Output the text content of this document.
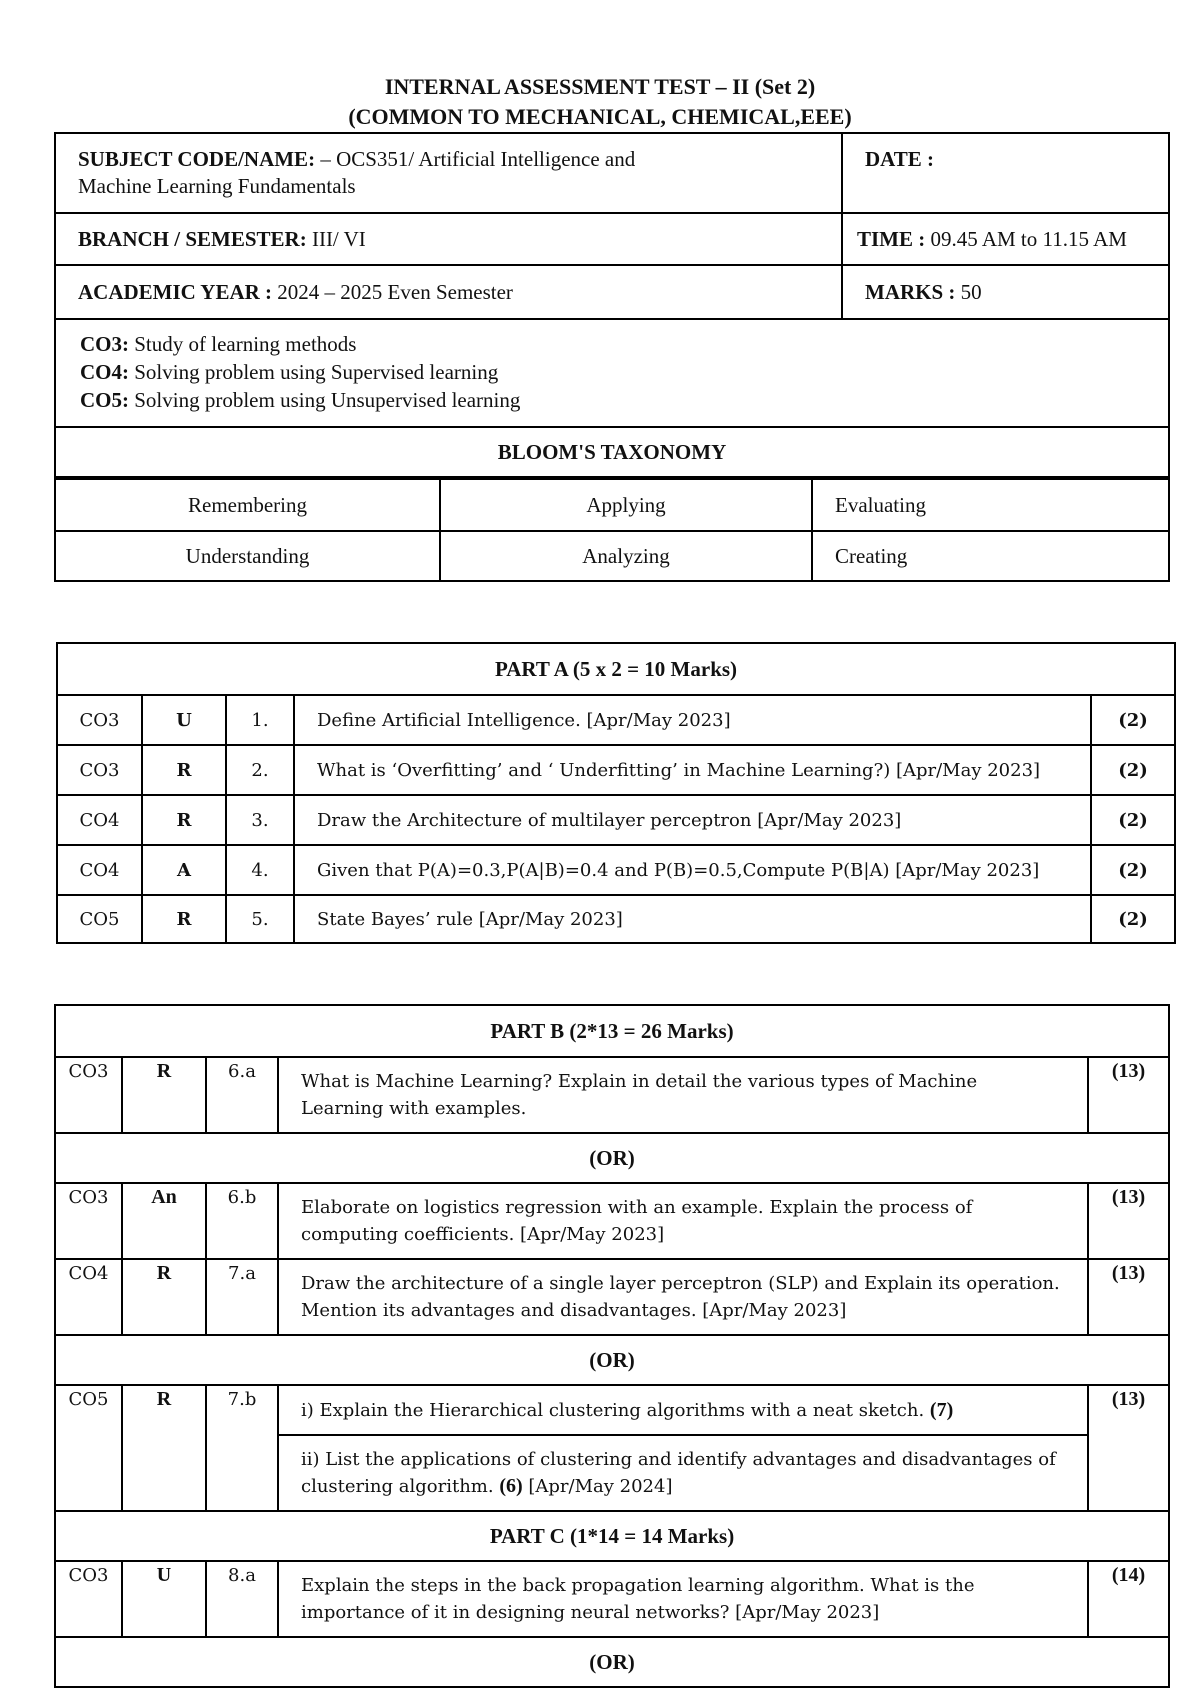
INTERNAL ASSESSMENT TEST – II (Set 2)
(COMMON TO MECHANICAL, CHEMICAL,EEE)
SUBJECT CODE/NAME: – OCS351/ Artificial Intelligence and
Machine Learning Fundamentals	DATE :
BRANCH / SEMESTER: III/ VI	TIME : 09.45 AM to 11.15 AM
ACADEMIC YEAR : 2024 – 2025 Even Semester	MARKS : 50

CO3: Study of learning methods
CO4: Solving problem using Supervised learning
CO5: Solving problem using Unsupervised learning	

BLOOM'S TAXONOMY	
Remembering	Applying	Evaluating
Understanding	Analyzing	Creating
PART A (5 x 2 = 10 Marks)				
CO3	U	1.	Define Artificial Intelligence. [Apr/May 2023]	(2)
CO3	R	2.	What is ‘Overfitting’ and ‘ Underfitting’ in Machine Learning?) [Apr/May 2023]	(2)
CO4	R	3.	Draw the Architecture of multilayer perceptron [Apr/May 2023]	(2)
CO4	A	4.	Given that P(A)=0.3,P(A|B)=0.4 and P(B)=0.5,Compute P(B|A) [Apr/May 2023]	(2)
CO5	R	5.	State Bayes’ rule [Apr/May 2023]	(2)
PART B (2*13 = 26 Marks)				
CO3	R	6.a	What is Machine Learning? Explain in detail the various types of Machine Learning with examples.	(13)
(OR)				
CO3	An	6.b	Elaborate on logistics regression with an example. Explain the process of computing coefficients. [Apr/May 2023]	(13)
CO4	R	7.a	Draw the architecture of a single layer perceptron (SLP) and Explain its operation. Mention its advantages and disadvantages. [Apr/May 2023]	(13)
(OR)				
CO5	R	7.b	i) Explain the Hierarchical clustering algorithms with a neat sketch. (7)	(13)
			ii) List the applications of clustering and identify advantages and disadvantages of clustering algorithm. (6) [Apr/May 2024]	
PART C (1*14 = 14 Marks)				
CO3	U	8.a	Explain the steps in the back propagation learning algorithm. What is the importance of it in designing neural networks? [Apr/May 2023]	(14)
(OR)				
